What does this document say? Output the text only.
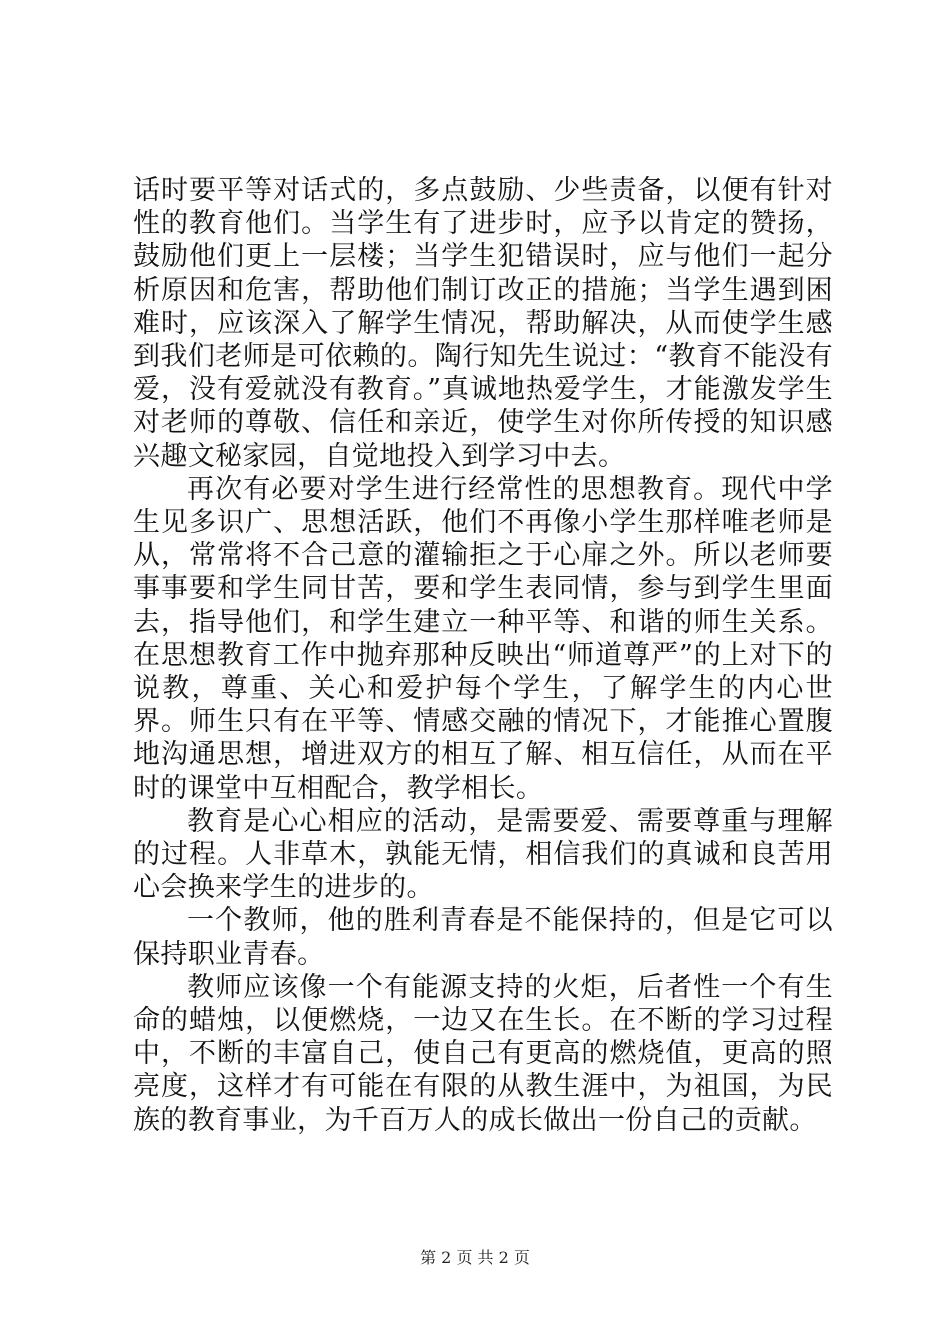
话时要平等对话式的，多点鼓励、少些责备，以便有针对性的教育他们。当学生有了进步时，应予以肯定的赞扬，鼓励他们更上一层楼；当学生犯错误时，应与他们一起分析原因和危害，帮助他们制订改正的措施；当学生遇到困难时，应该深入了解学生情况，帮助解决，从而使学生感到我们老师是可依赖的。陶行知先生说过：“教育不能没有爱，没有爱就没有教育。”真诚地热爱学生，才能激发学生对老师的尊敬、信任和亲近，使学生对你所传授的知识感兴趣文秘家园，自觉地投入到学习中去。

再次有必要对学生进行经常性的思想教育。现代中学生见多识广、思想活跃，他们不再像小学生那样唯老师是从，常常将不合己意的灌输拒之于心扉之外。所以老师要事事要和学生同甘苦，要和学生表同情，参与到学生里面去，指导他们，和学生建立一种平等、和谐的师生关系。在思想教育工作中抛弃那种反映出“师道尊严”的上对下的说教，尊重、关心和爱护每个学生，了解学生的内心世界。师生只有在平等、情感交融的情况下，才能推心置腹地沟通思想，增进双方的相互了解、相互信任，从而在平时的课堂中互相配合，教学相长。

教育是心心相应的活动，是需要爱、需要尊重与理解的过程。人非草木，孰能无情，相信我们的真诚和良苦用心会换来学生的进步的。

一个教师，他的胜利青春是不能保持的，但是它可以保持职业青春。

教师应该像一个有能源支持的火炬，后者性一个有生命的蜡烛，以便燃烧，一边又在生长。在不断的学习过程中，不断的丰富自己，使自己有更高的燃烧值，更高的照亮度，这样才有可能在有限的从教生涯中，为祖国，为民族的教育事业，为千百万人的成长做出一份自己的贡献。

第 2 页 共 2 页
